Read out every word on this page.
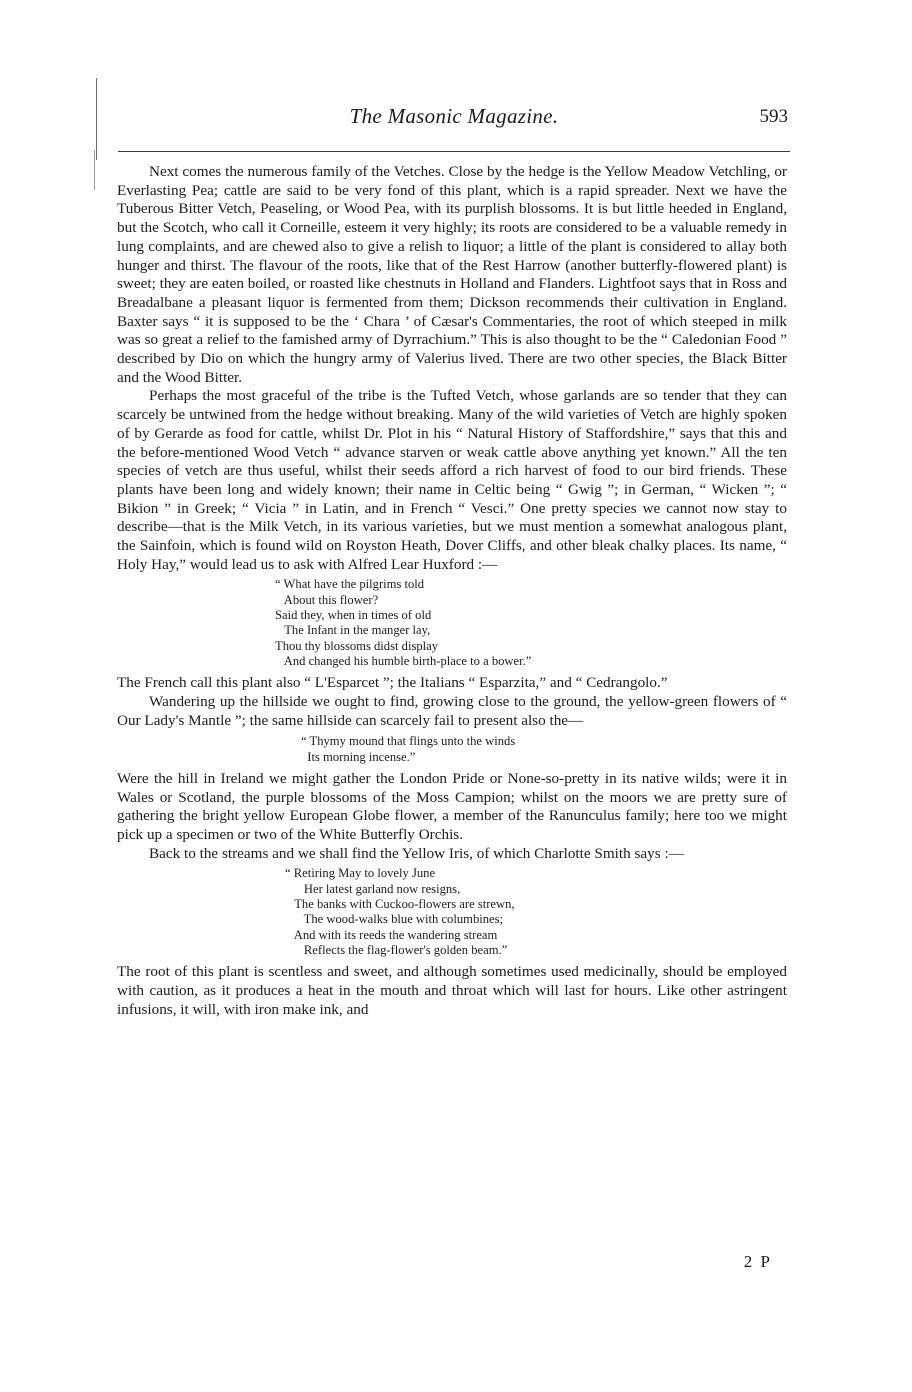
The Masonic Magazine.	593

Next comes the numerous family of the Vetches. Close by the hedge is the Yellow Meadow Vetchling, or Everlasting Pea; cattle are said to be very fond of this plant, which is a rapid spreader. Next we have the Tuberous Bitter Vetch, Peaseling, or Wood Pea, with its purplish blossoms. It is but little heeded in England, but the Scotch, who call it Corneille, esteem it very highly; its roots are considered to be a valuable remedy in lung complaints, and are chewed also to give a relish to liquor; a little of the plant is considered to allay both hunger and thirst. The flavour of the roots, like that of the Rest Harrow (another butterfly-flowered plant) is sweet; they are eaten boiled, or roasted like chestnuts in Holland and Flanders. Lightfoot says that in Ross and Breadalbane a pleasant liquor is fermented from them; Dickson recommends their cultivation in England. Baxter says “ it is supposed to be the ‘ Chara ’ of Cæsar's Commentaries, the root of which steeped in milk was so great a relief to the famished army of Dyrrachium.” This is also thought to be the “ Caledonian Food ” described by Dio on which the hungry army of Valerius lived. There are two other species, the Black Bitter and the Wood Bitter.

Perhaps the most graceful of the tribe is the Tufted Vetch, whose garlands are so tender that they can scarcely be untwined from the hedge without breaking. Many of the wild varieties of Vetch are highly spoken of by Gerarde as food for cattle, whilst Dr. Plot in his “ Natural History of Staffordshire,” says that this and the before-mentioned Wood Vetch “ advance starven or weak cattle above anything yet known.” All the ten species of vetch are thus useful, whilst their seeds afford a rich harvest of food to our bird friends. These plants have been long and widely known; their name in Celtic being “ Gwig ”; in German, “ Wicken ”; “ Bikion ” in Greek; “ Vicia ” in Latin, and in French “ Vesci.” One pretty species we cannot now stay to describe—that is the Milk Vetch, in its various varieties, but we must mention a somewhat analogous plant, the Sainfoin, which is found wild on Royston Heath, Dover Cliffs, and other bleak chalky places. Its name, “ Holy Hay,” would lead us to ask with Alfred Lear Huxford :—

“ What have the pilgrims told
About this flower?
Said they, when in times of old
The Infant in the manger lay,
Thou thy blossoms didst display
And changed his humble birth-place to a bower.”

The French call this plant also “ L'Esparcet ”; the Italians “ Esparzita,” and “ Cedrangolo.”

Wandering up the hillside we ought to find, growing close to the ground, the yellow-green flowers of “ Our Lady's Mantle ”; the same hillside can scarcely fail to present also the—

“ Thymy mound that flings unto the winds
Its morning incense.”

Were the hill in Ireland we might gather the London Pride or None-so-pretty in its native wilds; were it in Wales or Scotland, the purple blossoms of the Moss Campion; whilst on the moors we are pretty sure of gathering the bright yellow European Globe flower, a member of the Ranunculus family; here too we might pick up a specimen or two of the White Butterfly Orchis.

Back to the streams and we shall find the Yellow Iris, of which Charlotte Smith says :—

“ Retiring May to lovely June
Her latest garland now resigns,
The banks with Cuckoo-flowers are strewn,
The wood-walks blue with columbines;
And with its reeds the wandering stream
Reflects the flag-flower's golden beam.”

The root of this plant is scentless and sweet, and although sometimes used medicinally, should be employed with caution, as it produces a heat in the mouth and throat which will last for hours. Like other astringent infusions, it will, with iron make ink, and

2 P
